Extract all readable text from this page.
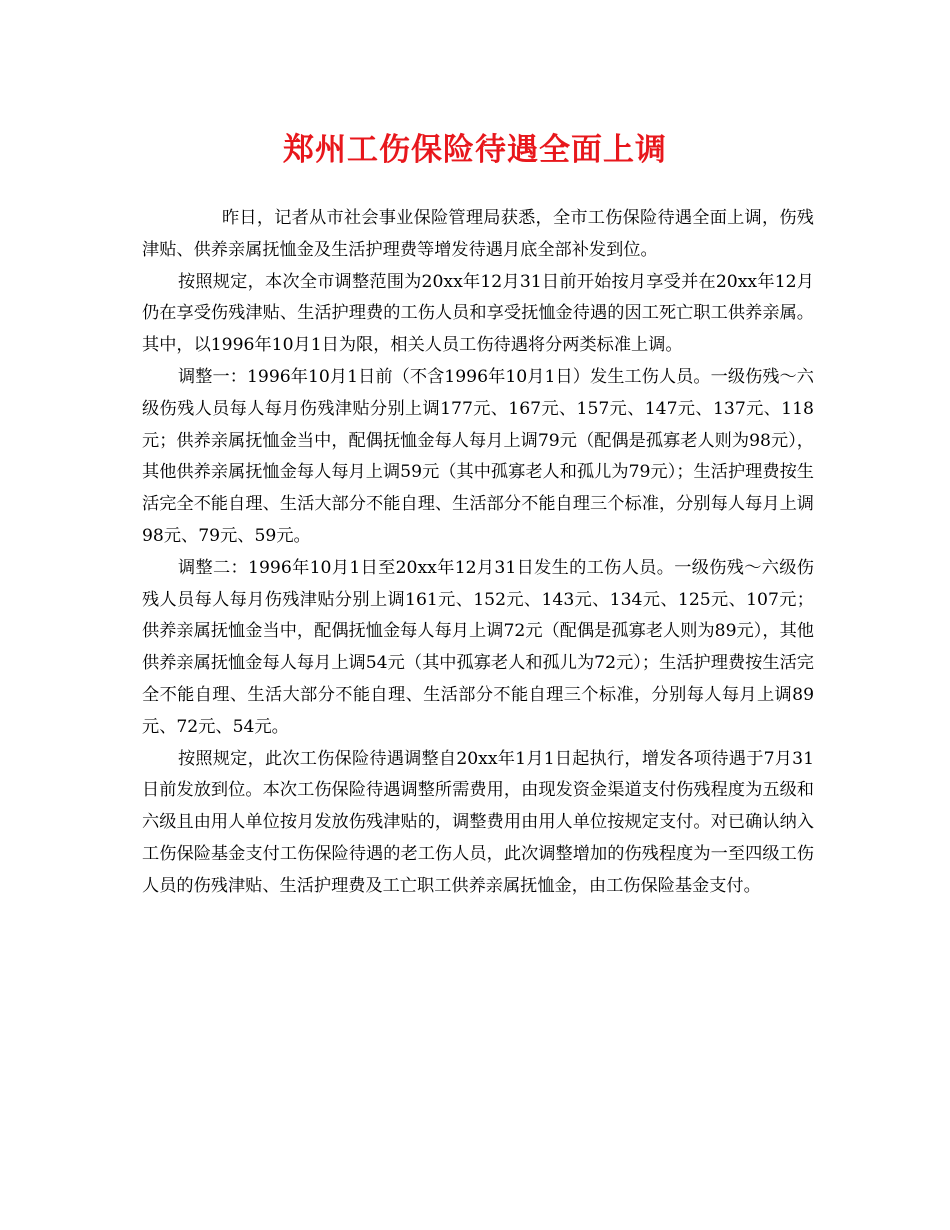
郑州工伤保险待遇全面上调

昨日，记者从市社会事业保险管理局获悉，全市工伤保险待遇全面上调，伤残津贴、供养亲属抚恤金及生活护理费等增发待遇月底全部补发到位。

按照规定，本次全市调整范围为20xx年12月31日前开始按月享受并在20xx年12月仍在享受伤残津贴、生活护理费的工伤人员和享受抚恤金待遇的因工死亡职工供养亲属。其中，以1996年10月1日为限，相关人员工伤待遇将分两类标准上调。

调整一：1996年10月1日前（不含1996年10月1日）发生工伤人员。一级伤残～六级伤残人员每人每月伤残津贴分别上调177元、167元、157元、147元、137元、118元；供养亲属抚恤金当中，配偶抚恤金每人每月上调79元（配偶是孤寡老人则为98元），其他供养亲属抚恤金每人每月上调59元（其中孤寡老人和孤儿为79元）；生活护理费按生活完全不能自理、生活大部分不能自理、生活部分不能自理三个标准，分别每人每月上调98元、79元、59元。

调整二：1996年10月1日至20xx年12月31日发生的工伤人员。一级伤残～六级伤残人员每人每月伤残津贴分别上调161元、152元、143元、134元、125元、107元；供养亲属抚恤金当中，配偶抚恤金每人每月上调72元（配偶是孤寡老人则为89元），其他供养亲属抚恤金每人每月上调54元（其中孤寡老人和孤儿为72元）；生活护理费按生活完全不能自理、生活大部分不能自理、生活部分不能自理三个标准，分别每人每月上调89元、72元、54元。

按照规定，此次工伤保险待遇调整自20xx年1月1日起执行，增发各项待遇于7月31日前发放到位。本次工伤保险待遇调整所需费用，由现发资金渠道支付伤残程度为五级和六级且由用人单位按月发放伤残津贴的，调整费用由用人单位按规定支付。对已确认纳入工伤保险基金支付工伤保险待遇的老工伤人员，此次调整增加的伤残程度为一至四级工伤人员的伤残津贴、生活护理费及工亡职工供养亲属抚恤金，由工伤保险基金支付。
